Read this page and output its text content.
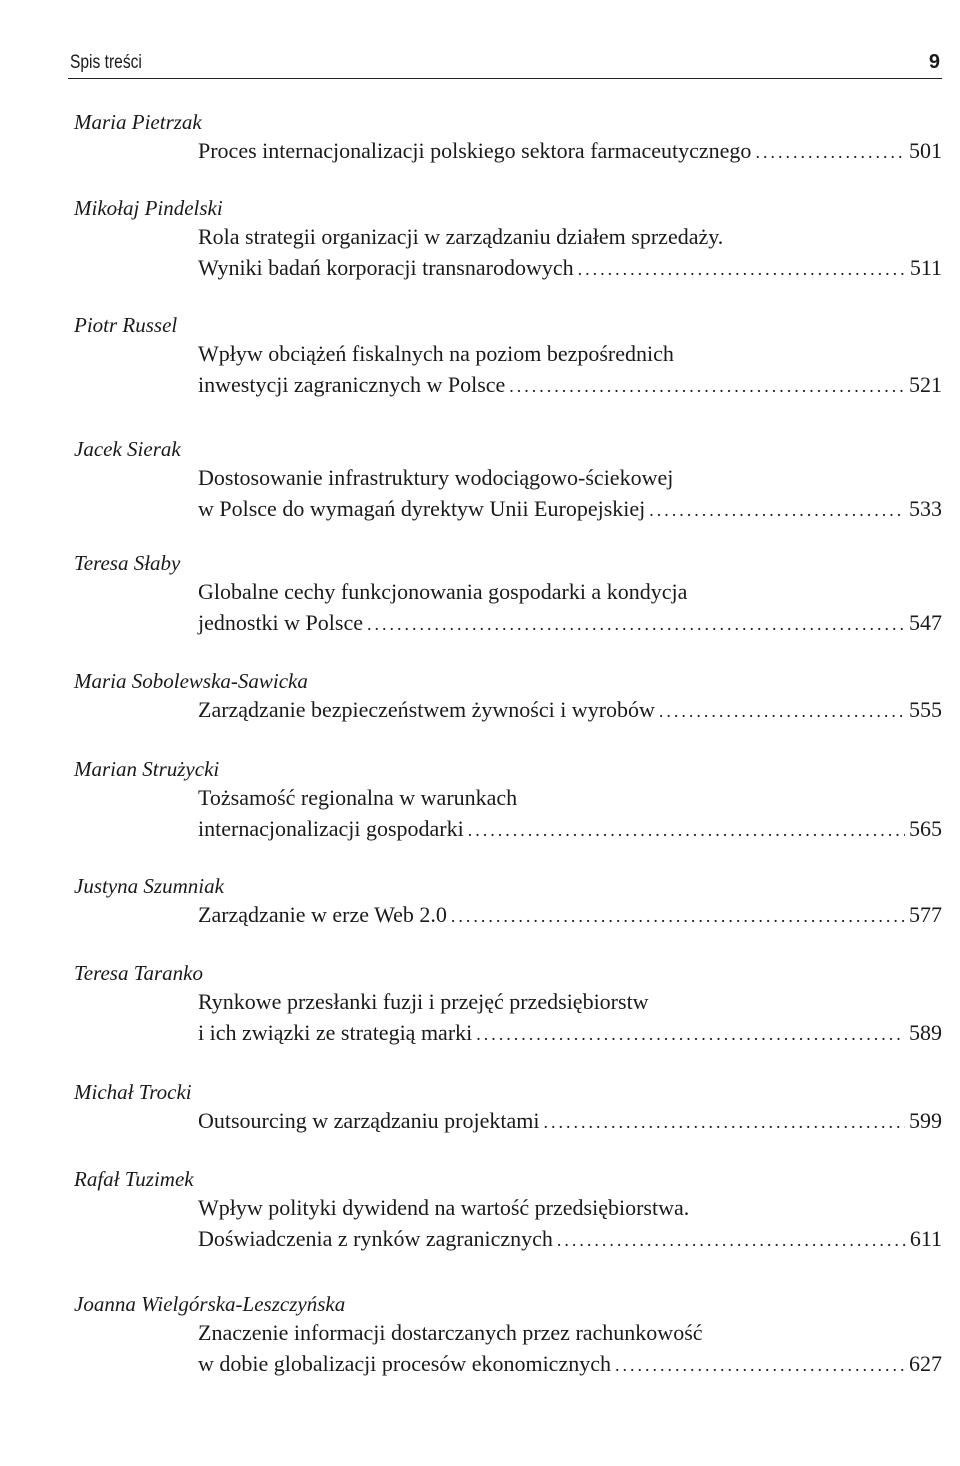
Spis treści	9
Maria Pietrzak
Proces internacjonalizacji polskiego sektora farmaceutycznego .....	501
Mikołaj Pindelski
Rola strategii organizacji w zarządzaniu działem sprzedaży.
Wyniki badań korporacji transnarodowych .....	511
Piotr Russel
Wpływ obciążeń fiskalnych na poziom bezpośrednich
inwestycji zagranicznych w Polsce .....	521
Jacek Sierak
Dostosowanie infrastruktury wodociągowo-ściekowej
w Polsce do wymagań dyrektyw Unii Europejskiej .....	533
Teresa Słaby
Globalne cechy funkcjonowania gospodarki a kondycja
jednostki w Polsce .....	547
Maria Sobolewska-Sawicka
Zarządzanie bezpieczeństwem żywności i wyrobów .....	555
Marian Strużycki
Tożsamość regionalna w warunkach
internacjonalizacji gospodarki .....	565
Justyna Szumniak
Zarządzanie w erze Web 2.0 .....	577
Teresa Taranko
Rynkowe przesłanki fuzji i przejęć przedsiębiorstw
i ich związki ze strategią marki .....	589
Michał Trocki
Outsourcing w zarządzaniu projektami .....	599
Rafał Tuzimek
Wpływ polityki dywidend na wartość przedsiębiorstwa.
Doświadczenia z rynków zagranicznych .....	611
Joanna Wielgórska-Leszczyńska
Znaczenie informacji dostarczanych przez rachunkowość
w dobie globalizacji procesów ekonomicznych .....	627
